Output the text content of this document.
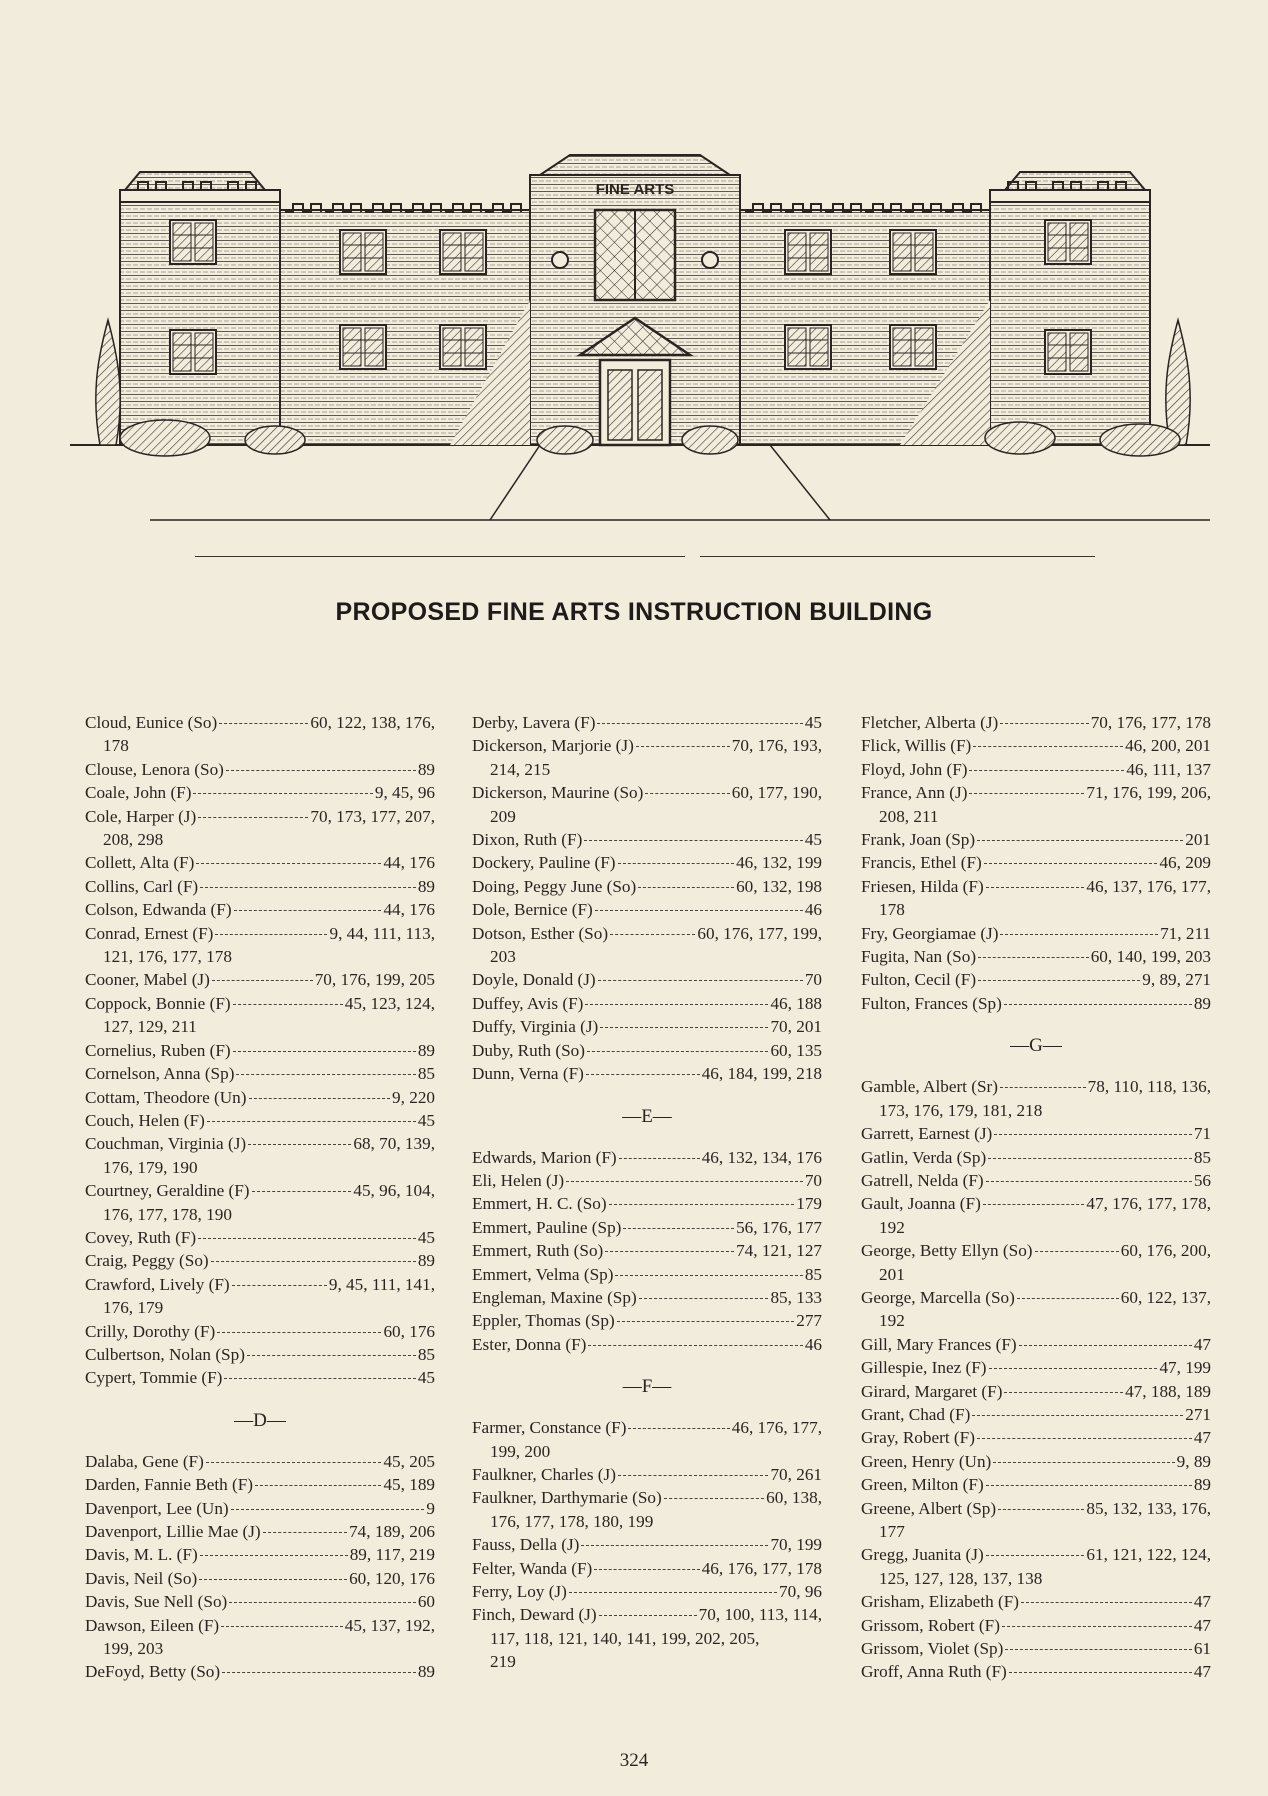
FINE ARTS
PROPOSED FINE ARTS INSTRUCTION BUILDING
Cloud, Eunice (So)	60, 122, 138, 176,
178
Clouse, Lenora (So)	89
Coale, John (F)	9, 45, 96
Cole, Harper (J)	70, 173, 177, 207,
208, 298
Collett, Alta (F)	44, 176
Collins, Carl (F)	89
Colson, Edwanda (F)	44, 176
Conrad, Ernest (F)	9, 44, 111, 113,
121, 176, 177, 178
Cooner, Mabel (J)	70, 176, 199, 205
Coppock, Bonnie (F)	45, 123, 124,
127, 129, 211
Cornelius, Ruben (F)	89
Cornelson, Anna (Sp)	85
Cottam, Theodore (Un)	9, 220
Couch, Helen (F)	45
Couchman, Virginia (J)	68, 70, 139,
176, 179, 190
Courtney, Geraldine (F)	45, 96, 104,
176, 177, 178, 190
Covey, Ruth (F)	45
Craig, Peggy (So)	89
Crawford, Lively (F)	9, 45, 111, 141,
176, 179
Crilly, Dorothy (F)	60, 176
Culbertson, Nolan (Sp)	85
Cypert, Tommie (F)	45
—D—
Dalaba, Gene (F)	45, 205
Darden, Fannie Beth (F)	45, 189
Davenport, Lee (Un)	9
Davenport, Lillie Mae (J)	74, 189, 206
Davis, M. L. (F)	89, 117, 219
Davis, Neil (So)	60, 120, 176
Davis, Sue Nell (So)	60
Dawson, Eileen (F)	45, 137, 192,
199, 203
DeFoyd, Betty (So)	89
Derby, Lavera (F)	45
Dickerson, Marjorie (J)	70, 176, 193,
214, 215
Dickerson, Maurine (So)	60, 177, 190,
209
Dixon, Ruth (F)	45
Dockery, Pauline (F)	46, 132, 199
Doing, Peggy June (So)	60, 132, 198
Dole, Bernice (F)	46
Dotson, Esther (So)	60, 176, 177, 199,
203
Doyle, Donald (J)	70
Duffey, Avis (F)	46, 188
Duffy, Virginia (J)	70, 201
Duby, Ruth (So)	60, 135
Dunn, Verna (F)	46, 184, 199, 218
—E—
Edwards, Marion (F)	46, 132, 134, 176
Eli, Helen (J)	70
Emmert, H. C. (So)	179
Emmert, Pauline (Sp)	56, 176, 177
Emmert, Ruth (So)	74, 121, 127
Emmert, Velma (Sp)	85
Engleman, Maxine (Sp)	85, 133
Eppler, Thomas (Sp)	277
Ester, Donna (F)	46
—F—
Farmer, Constance (F)	46, 176, 177,
199, 200
Faulkner, Charles (J)	70, 261
Faulkner, Darthymarie (So)	60, 138,
176, 177, 178, 180, 199
Fauss, Della (J)	70, 199
Felter, Wanda (F)	46, 176, 177, 178
Ferry, Loy (J)	70, 96
Finch, Deward (J)	70, 100, 113, 114,
117, 118, 121, 140, 141, 199, 202, 205,
219
Fletcher, Alberta (J)	70, 176, 177, 178
Flick, Willis (F)	46, 200, 201
Floyd, John (F)	46, 111, 137
France, Ann (J)	71, 176, 199, 206,
208, 211
Frank, Joan (Sp)	201
Francis, Ethel (F)	46, 209
Friesen, Hilda (F)	46, 137, 176, 177,
178
Fry, Georgiamae (J)	71, 211
Fugita, Nan (So)	60, 140, 199, 203
Fulton, Cecil (F)	9, 89, 271
Fulton, Frances (Sp)	89
—G—
Gamble, Albert (Sr)	78, 110, 118, 136,
173, 176, 179, 181, 218
Garrett, Earnest (J)	71
Gatlin, Verda (Sp)	85
Gatrell, Nelda (F)	56
Gault, Joanna (F)	47, 176, 177, 178,
192
George, Betty Ellyn (So)	60, 176, 200,
201
George, Marcella (So)	60, 122, 137,
192
Gill, Mary Frances (F)	47
Gillespie, Inez (F)	47, 199
Girard, Margaret (F)	47, 188, 189
Grant, Chad (F)	271
Gray, Robert (F)	47
Green, Henry (Un)	9, 89
Green, Milton (F)	89
Greene, Albert (Sp)	85, 132, 133, 176,
177
Gregg, Juanita (J)	61, 121, 122, 124,
125, 127, 128, 137, 138
Grisham, Elizabeth (F)	47
Grissom, Robert (F)	47
Grissom, Violet (Sp)	61
Groff, Anna Ruth (F)	47
324
